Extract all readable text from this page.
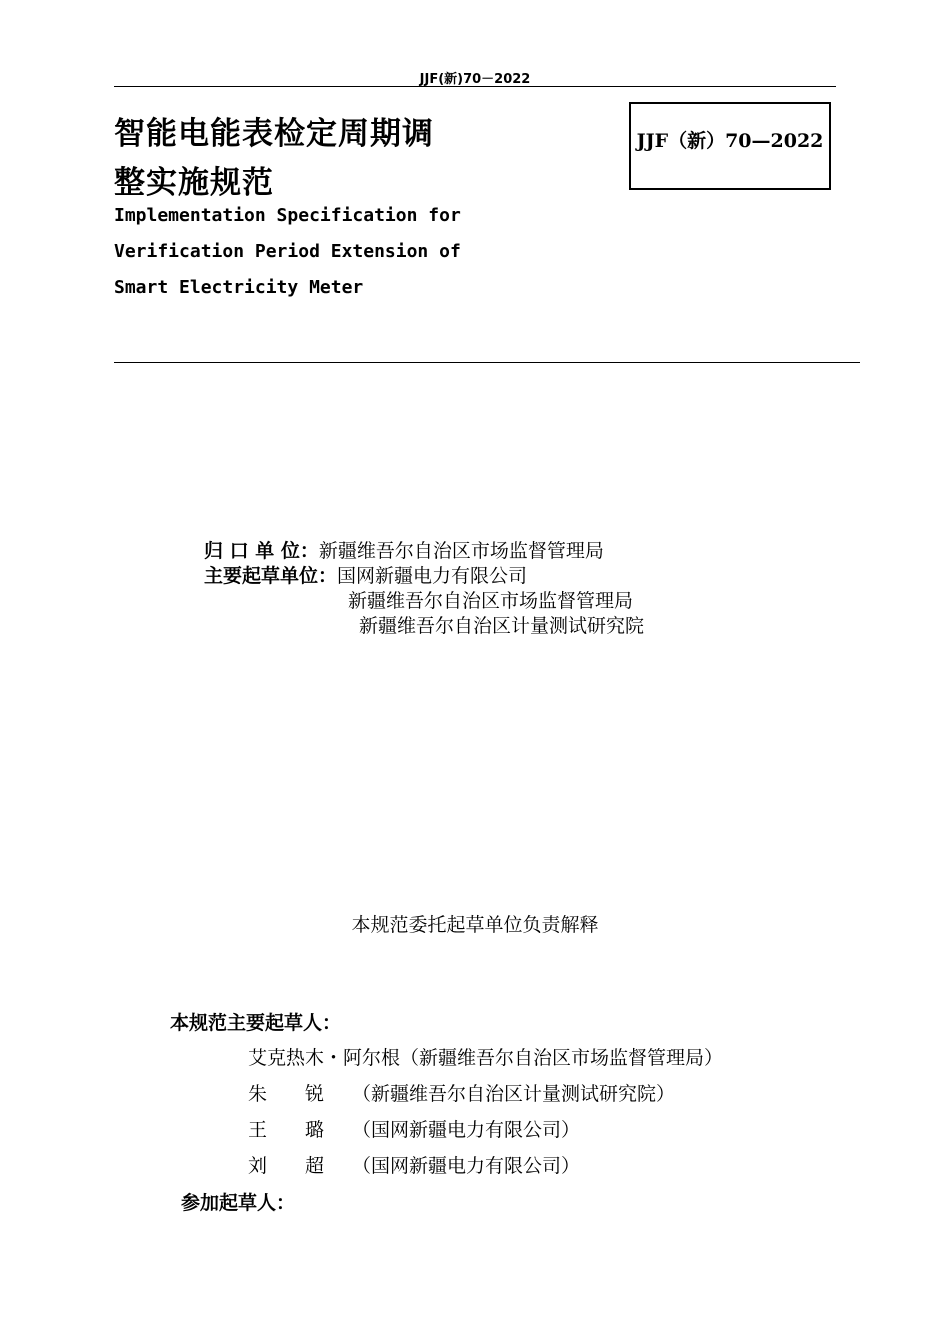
JJF(新)70－2022
智能电能表检定周期调
整实施规范
Implementation Specification for
Verification Period Extension of
Smart Electricity Meter
JJF（新）70—2022
归 口 单 位：新疆维吾尔自治区市场监督管理局
主要起草单位：国网新疆电力有限公司
新疆维吾尔自治区市场监督管理局
新疆维吾尔自治区计量测试研究院
本规范委托起草单位负责解释
本规范主要起草人：
艾克热木・阿尔根（新疆维吾尔自治区市场监督管理局）
朱　　锐 （新疆维吾尔自治区计量测试研究院）
王　　璐 （国网新疆电力有限公司）
刘　　超 （国网新疆电力有限公司）
参加起草人：
